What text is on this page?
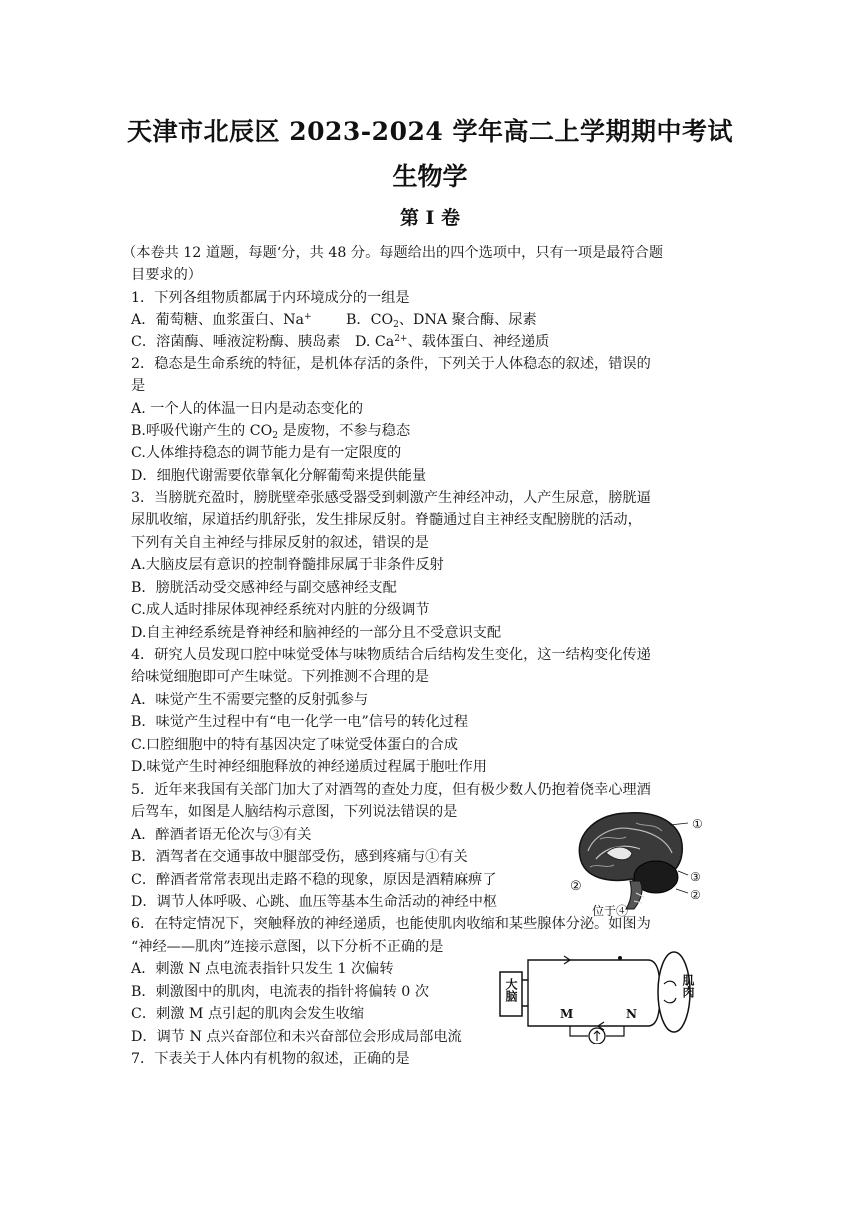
天津市北辰区 2023-2024 学年高二上学期期中考试
生物学
第 I 卷
（本卷共 12 道题，每题‘分，共 48 分。每题给出的四个选项中，只有一项是最符合题
目要求的）
1．下列各组物质都属于内环境成分的一组是
A．葡萄糖、血浆蛋白、Na+ B．$CO_2$、DNA 聚合酶、尿素
C．溶菌酶、唾液淀粉酶、胰岛素 D. $Ca^{2+}$、载体蛋白、神经递质
2．稳态是生命系统的特征，是机体存活的条件，下列关于人体稳态的叙述，错误的
是
A. 一个人的体温一日内是动态变化的
B.呼吸代谢产生的 $CO_2$ 是废物，不参与稳态
C.人体维持稳态的调节能力是有一定限度的
D．细胞代谢需要依靠氧化分解葡萄来提供能量
3．当膀胱充盈时，膀胱壁牵张感受器受到刺激产生神经冲动，人产生尿意，膀胱逼
尿肌收缩，尿道括约肌舒张，发生排尿反射。脊髓通过自主神经支配膀胱的活动，
下列有关自主神经与排尿反射的叙述，错误的是
A.大脑皮层有意识的控制脊髓排尿属于非条件反射
B．膀胱活动受交感神经与副交感神经支配
C.成人适时排尿体现神经系统对内脏的分级调节
D.自主神经系统是脊神经和脑神经的一部分且不受意识支配
4．研究人员发现口腔中味觉受体与味物质结合后结构发生变化，这一结构变化传递
给味觉细胞即可产生味觉。下列推测不合理的是
A．味觉产生不需要完整的反射弧参与
B．味觉产生过程中有“电一化学一电”信号的转化过程
C.口腔细胞中的特有基因决定了味觉受体蛋白的合成
D.味觉产生时神经细胞释放的神经递质过程属于胞吐作用
5．近年来我国有关部门加大了对酒驾的查处力度，但有极少数人仍抱着侥幸心理酒
后驾车，如图是人脑结构示意图，下列说法错误的是
A．醉酒者语无伦次与③有关
B．酒驾者在交通事故中腿部受伤，感到疼痛与①有关
C．醉酒者常常表现出走路不稳的现象，原因是酒精麻痹了
D．调节人体呼吸、心跳、血压等基本生命活动的神经中枢
①
②
③
②
位于④
6．在特定情况下，突触释放的神经递质，也能使肌肉收缩和某些腺体分泌。如图为
“神经——肌肉”连接示意图，以下分析不正确的是
A．刺激 N 点电流表指针只发生 1 次偏转
B．刺激图中的肌肉，电流表的指针将偏转 0 次
C．刺激 M 点引起的肌肉会发生收缩
D．调节 N 点兴奋部位和未兴奋部位会形成局部电流
大脑	肌肉
M	N
7．下表关于人体内有机物的叙述，正确的是
